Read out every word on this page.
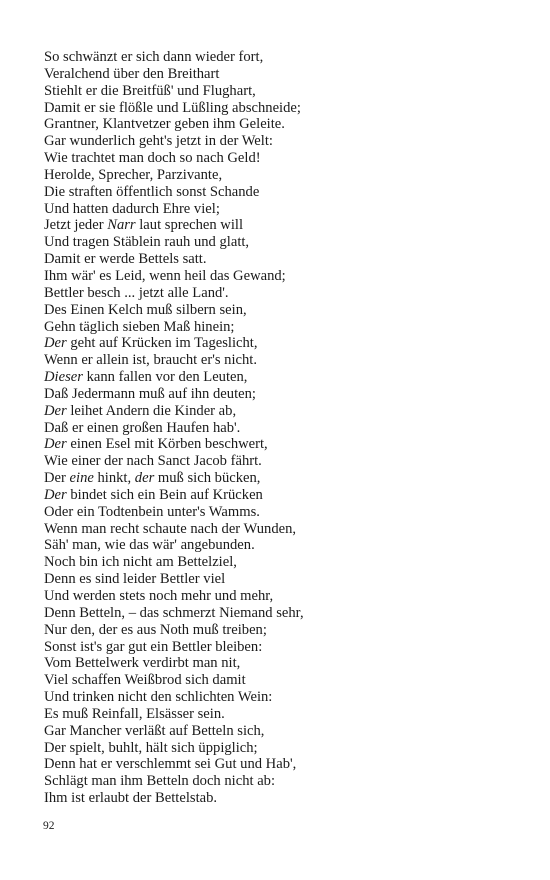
So schwänzt er sich dann wieder fort,
Veralchend über den Breithart
Stiehlt er die Breitfüß' und Flughart,
Damit er sie flößle und Lüßling abschneide;
Grantner, Klantvetzer geben ihm Geleite.
Gar wunderlich geht's jetzt in der Welt:
Wie trachtet man doch so nach Geld!
Herolde, Sprecher, Parzivante,
Die straften öffentlich sonst Schande
Und hatten dadurch Ehre viel;
Jetzt jeder Narr laut sprechen will
Und tragen Stäblein rauh und glatt,
Damit er werde Bettels satt.
Ihm wär' es Leid, wenn heil das Gewand;
Bettler besch ... jetzt alle Land'.
Des Einen Kelch muß silbern sein,
Gehn täglich sieben Maß hinein;
Der geht auf Krücken im Tageslicht,
Wenn er allein ist, braucht er's nicht.
Dieser kann fallen vor den Leuten,
Daß Jedermann muß auf ihn deuten;
Der leihet Andern die Kinder ab,
Daß er einen großen Haufen hab'.
Der einen Esel mit Körben beschwert,
Wie einer der nach Sanct Jacob fährt.
Der eine hinkt, der muß sich bücken,
Der bindet sich ein Bein auf Krücken
Oder ein Todtenbein unter's Wamms.
Wenn man recht schaute nach der Wunden,
Säh' man, wie das wär' angebunden.
Noch bin ich nicht am Bettelziel,
Denn es sind leider Bettler viel
Und werden stets noch mehr und mehr,
Denn Betteln, – das schmerzt Niemand sehr,
Nur den, der es aus Noth muß treiben;
Sonst ist's gar gut ein Bettler bleiben:
Vom Bettelwerk verdirbt man nit,
Viel schaffen Weißbrod sich damit
Und trinken nicht den schlichten Wein:
Es muß Reinfall, Elsässer sein.
Gar Mancher verläßt auf Betteln sich,
Der spielt, buhlt, hält sich üppiglich;
Denn hat er verschlemmt sei Gut und Hab',
Schlägt man ihm Betteln doch nicht ab:
Ihm ist erlaubt der Bettelstab.
92
